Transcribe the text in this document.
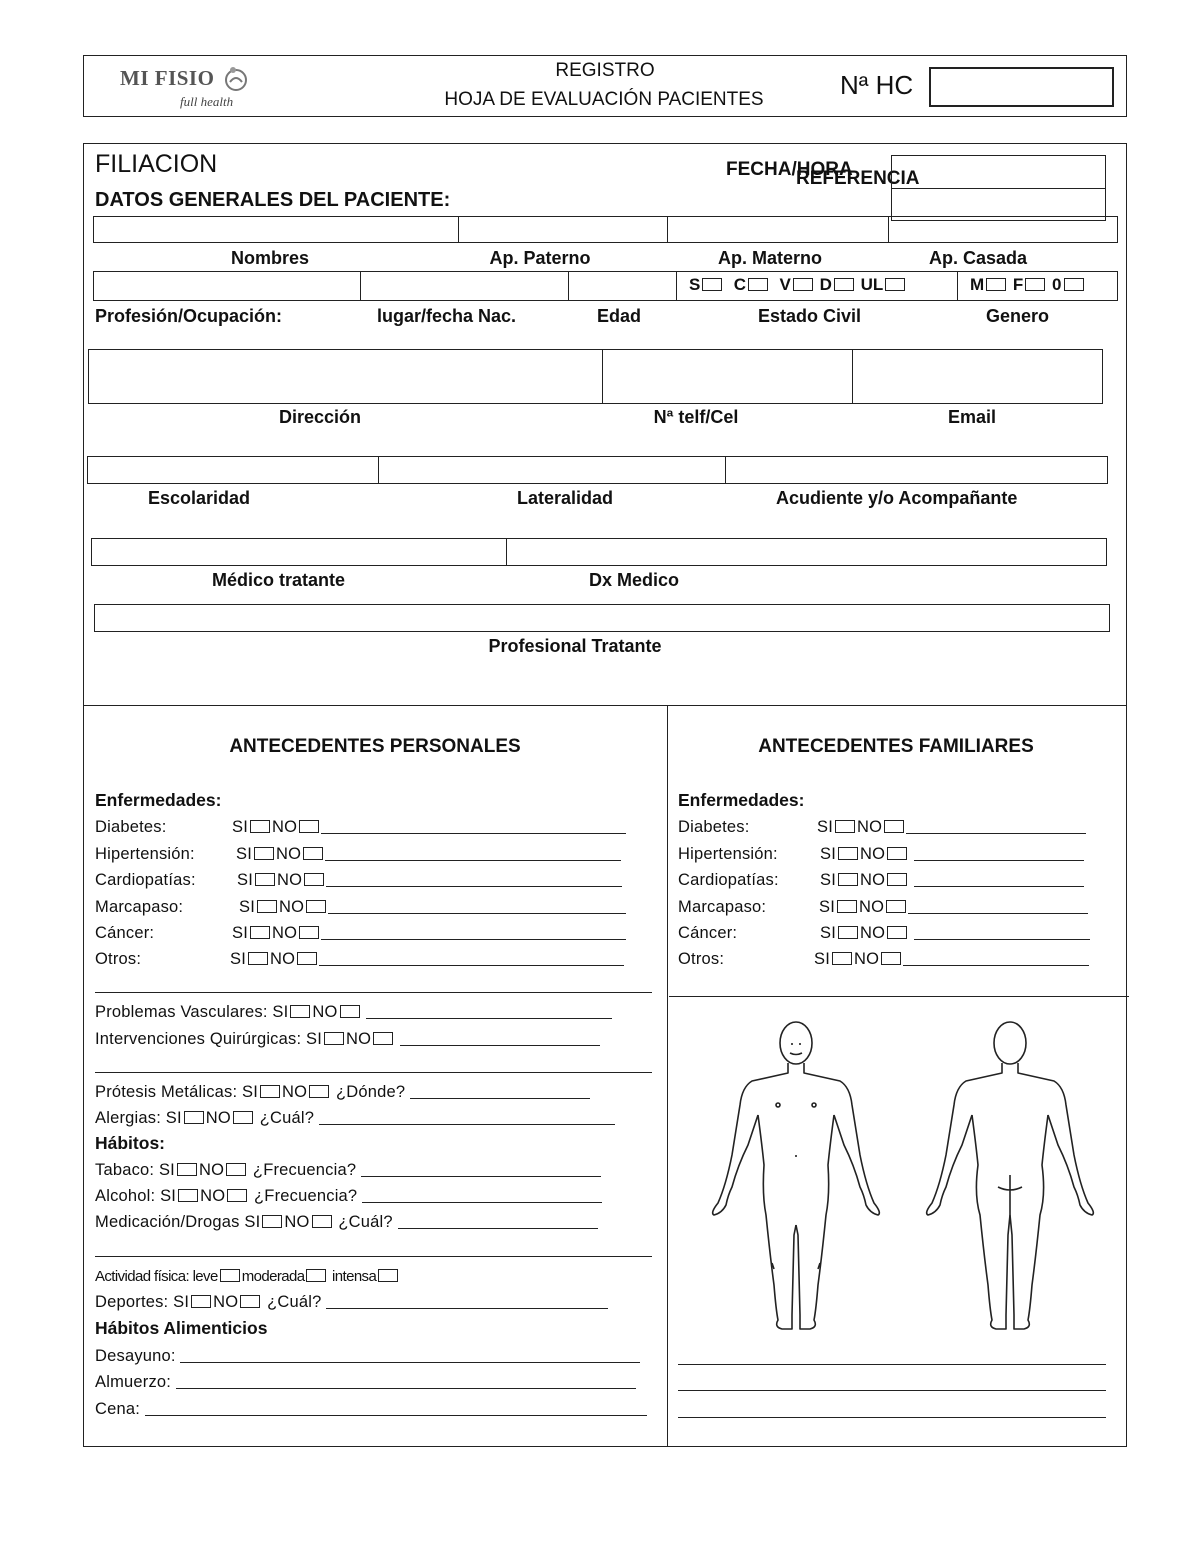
MI FISIO
full health
REGISTRO
HOJA DE EVALUACIÓN PACIENTES	Nª HC
FILIACION
DATOS GENERALES DEL PACIENTE:
FECHA/HORA
REFERENCIA
Nombres	Ap. Paterno	Ap. Materno	Ap. Casada
S C V D UL	M F 0
Profesión/Ocupación:	lugar/fecha Nac.	Edad	Estado Civil	Genero
Dirección	Nª telf/Cel	Email
Escolaridad	Lateralidad	Acudiente y/o Acompañante
Médico tratante	Dx Medico
Profesional Tratante
ANTECEDENTES PERSONALES	ANTECEDENTES FAMILIARES
Enfermedades:
Diabetes:	SI NO
Hipertensión: SI NO
Cardiopatías:	SI NO
Marcapaso:	SI NO
Cáncer:	SI NO
Otros:	SI NO
Problemas Vasculares: SI NO
Intervenciones Quirúrgicas: SI NO
Prótesis Metálicas: SI NO ¿Dónde?
Alergias: SI NO ¿Cuál?
Hábitos:
Tabaco: SI NO ¿Frecuencia?
Alcohol: SI NO ¿Frecuencia?
Medicación/Drogas SI NO ¿Cuál?
Actividad física: leve moderada intensa
Deportes: SI NO ¿Cuál?
Hábitos Alimenticios
Desayuno:
Almuerzo:
Cena:
Enfermedades:
Diabetes:	SI NO
Hipertensión:	SI NO
Cardiopatías:	SI NO
Marcapaso:	SI NO
Cáncer:	SI NO
Otros:	SI NO
